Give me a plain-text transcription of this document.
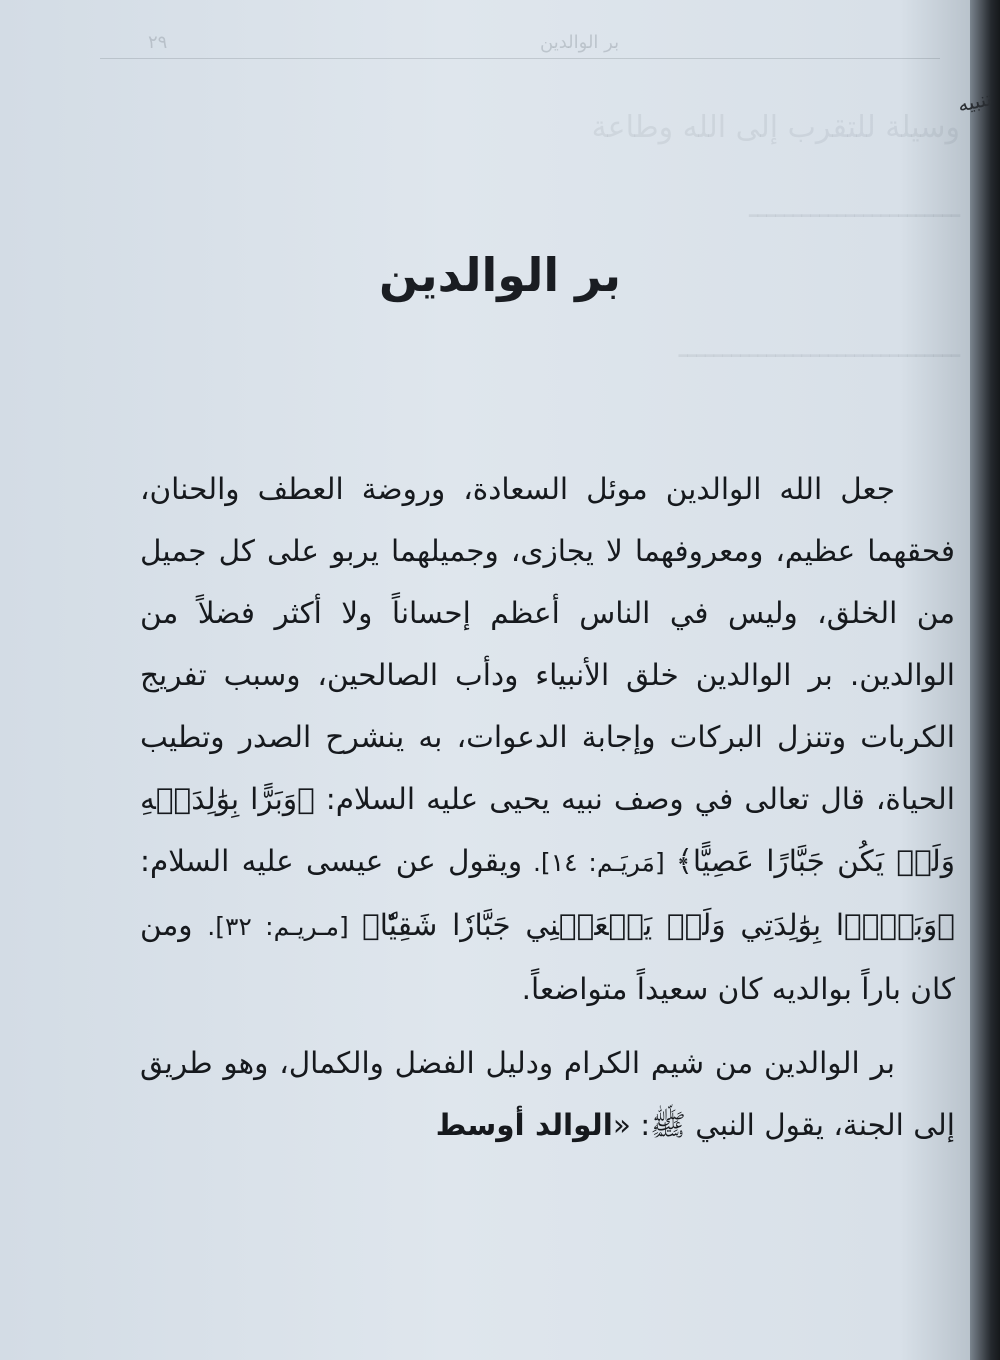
وسيلة للتقرب إلى الله وطاعة
ــــــــــــــــــــــــ
ــــــــــــــــــــــــــــــــ
٢٩	بر الوالدين
بر الوالدين

جعل الله الوالدين موئل السعادة، وروضة العطف والحنان، فحقهما عظيم، ومعروفهما لا يجازى، وجميلهما يربو على كل جميل من الخلق، وليس في الناس أعظم إحساناً ولا أكثر فضلاً من الوالدين. بر الوالدين خلق الأنبياء ودأب الصالحين، وسبب تفريج الكربات وتنزل البركات وإجابة الدعوات، به ينشرح الصدر وتطيب الحياة، قال تعالى في وصف نبيه يحيى عليه السلام: ﴿وَبَرًّا بِوَٰلِدَيۡهِ وَلَمۡ يَكُن جَبَّارًا عَصِيًّا﴾ [مَريَـم: ١٤]. ويقول عن عيسى عليه السلام: ﴿وَبَرَّۢا بِوَٰلِدَتِي وَلَمۡ يَجۡعَلۡنِي جَبَّارٗا شَقِيّٗا﴾ [مـريـم: ٣٢]. ومن كان باراً بوالديه كان سعيداً متواضعاً.

بر الوالدين من شيم الكرام ودليل الفضل والكمال، وهو طريق إلى الجنة، يقول النبي ﷺ: «الوالد أوسط

تنبيه
